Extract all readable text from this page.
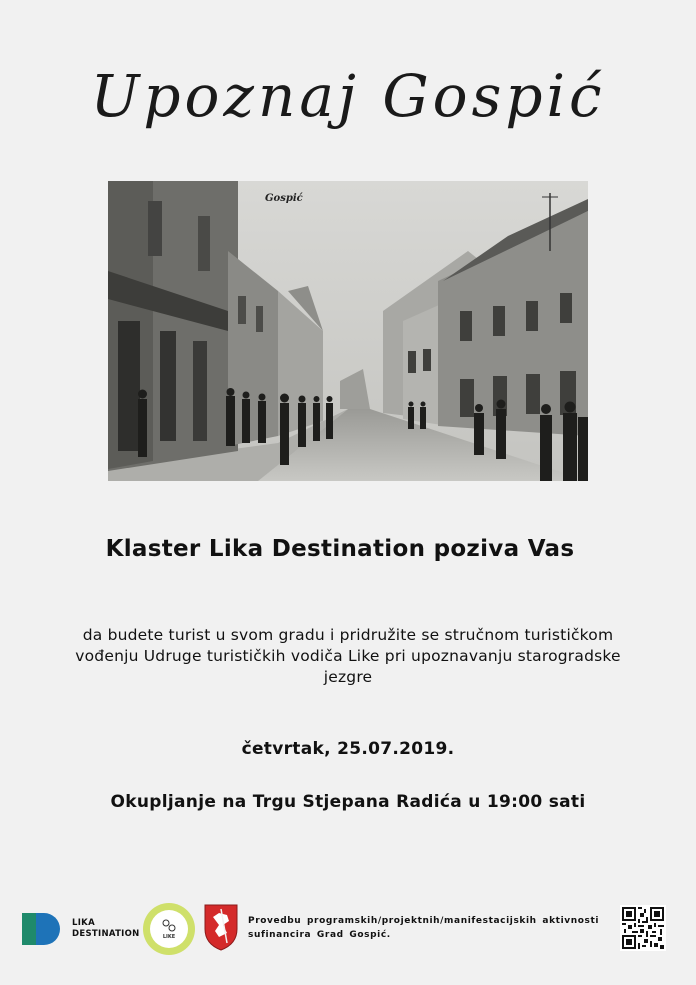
Upoznaj Gospić
Gospić
Klaster Lika Destination poziva Vas
da budete turist u svom gradu i pridružite se stručnom turističkom vođenju Udruge turističkih vodiča Like pri upoznavanju starogradske jezgre
četvrtak, 25.07.2019.
Okupljanje na Trgu Stjepana Radića u 19:00 sati
LIKA
DESTINATION	LIKE
Provedbu programskih/projektnih/manifestacijskih aktivnosti sufinancira Grad Gospić.
